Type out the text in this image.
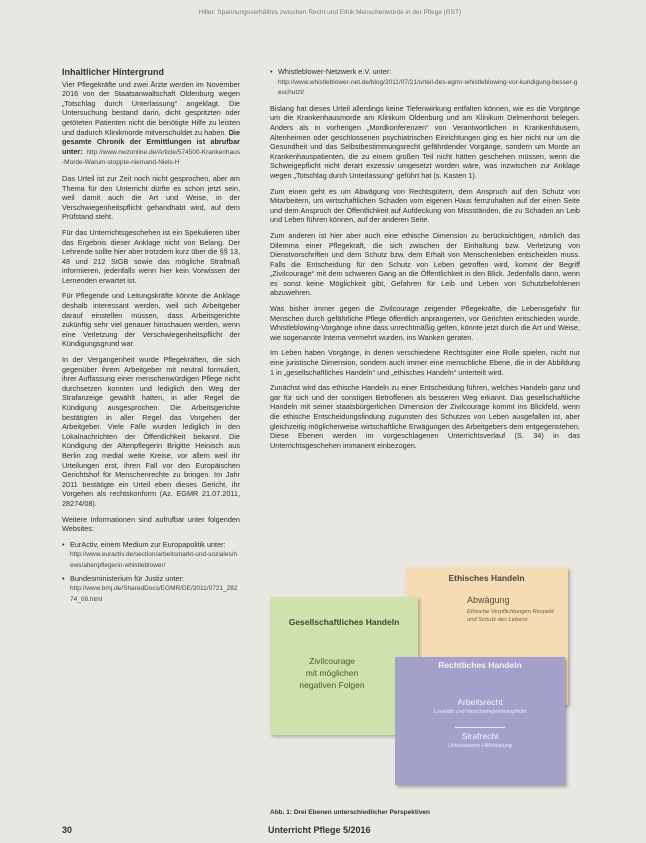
Hiller: Spannungsverhältnis zwischen Recht und Ethik Menschenwürde in der Pflege (RST)
Inhaltlicher Hintergrund

Vier Pflegekräfte und zwei Ärzte werden im November 2016 von der Staatsanwaltschaft Oldenburg wegen „Totschlag durch Unterlassung“ angeklagt. Die Untersuchung bestand darin, dicht gespritzten oder getöteten Patienten nicht die benötigte Hilfe zu leisten und dadurch Klinikmorde mitverschuldet zu haben. Die gesamte Chronik der Ermittlungen ist abrufbar unter: http://www.nwzonline.de/Article/574500-Krankenhaus-Morde-Warum-stoppte-niemand-Niels-H

Das Urteil ist zur Zeit noch nicht gesprochen, aber am Thema für den Unterricht dürfte es schon jetzt sein, weil damit auch die Art und Weise, in der Verschwiegenheitspflicht gehandhabt wird, auf dem Prüfstand steht.

Für das Unterrichtsgeschehen ist ein Spekulieren über das Ergebnis dieser Anklage nicht von Belang. Der Lehrende sollte hier aber trotzdem kurz über die §§ 13, 48 und 212 StGB sowie das mögliche Strafmaß informieren, jedenfalls wenn hier kein Vorwissen der Lernenden erwartet ist.

Für Pflegende und Leitungskräfte könnte die Anklage deshalb interessant werden, weil sich Arbeitgeber darauf einstellen müssen, dass Arbeitsgerichte zukünftig sehr viel genauer hinschauen werden, wenn eine Verletzung der Verschwiegenheitspflicht der Kündigungsgrund war.

In der Vergangenheit wurde Pflegekräften, die sich gegenüber ihrem Arbeitgeber mit neutral formuliert, ihrer Auffassung einer menschenwürdigen Pflege nicht durchsetzen konnten und lediglich den Weg der Strafanzeige gewählt hatten, in aller Regel die Kündigung ausgesprochen. Die Arbeitsgerichte bestätigten in aller Regel das Vorgehen der Arbeitgeber. Viele Fälle wurden lediglich in den Lokalnachrichten der Öffentlichkeit bekannt. Die Kündigung der Altenpflegerin Brigitte Heinisch aus Berlin zog medial weite Kreise, vor allem weil ihr Urteilungen erst, ihren Fall vor den Europäischen Gerichtshof für Menschenrechte zu bringen. Im Jahr 2011 bestätigte ein Urteil eben dieses Gericht, ihr Vorgehen als rechtskonform (Az. EGMR 21.07.2011, 28274/08).

Weitere Informationen sind aufrufbar unter folgenden Websites:

• EurActiv, einem Medium zur Europapolitik unter:
http://www.euractiv.de/section/arbeitsmarkt-und-soziales/news/altenpflegerin-whistleblower/
• Bundesministerium für Justiz unter:
http://www.bmj.de/SharedDocs/EGMR/DE/2011/0721_28274_08.html
• Whistleblower-Netzwerk e.V. unter:
http://www.whistleblower-net.de/blog/2011/07/21/urteil-des-egmr-whistleblowing-vor-kundigung-besser-geschutzt/

Bislang hat dieses Urteil allerdings keine Tiefenwirkung entfalten können, wie es die Vorgänge um die Krankenhausmorde am Klinikum Oldenburg und am Klinikum Delmenhorst belegen. Anders als in vorherigen „Mordkonferenzen“ von Verantwortlichen in Krankenhäusern, Altenheimen oder geschlossenen psychiatrischen Einrichtungen ging es hier nicht nur um die Gesundheit und das Selbstbestimmungsrecht gefährdender Vorgänge, sondern um Morde an Krankenhauspatienten, die zu einem großen Teil nicht hätten geschehen müssen, wenn die Schweigepflicht nicht derart exzessiv umgesetzt worden wäre, was inzwischen zur Anklage wegen „Totschlag durch Unterlassung“ geführt hat (s. Kasten 1).

Zum einen geht es um Abwägung von Rechtsgütern, dem Anspruch auf den Schutz von Mitarbeitern, um wirtschaftlichen Schaden vom eigenen Haus fernzuhalten auf der einen Seite und dem Anspruch der Öffentlichkeit auf Aufdeckung von Missständen, die zu Schaden an Leib und Leben führen können, auf der anderen Seite.

Zum anderen ist hier aber auch eine ethische Dimension zu berücksichtigen, nämlich das Dilemma einer Pflegekraft, die sich zwischen der Einhaltung bzw. Verletzung von Dienstvorschriften und dem Schutz bzw. dem Erhalt von Menschenleben entscheiden muss. Falls die Entscheidung für den Schutz von Leben getroffen wird, kommt der Begriff „Zivilcourage“ mit dem schweren Gang an die Öffentlichkeit in den Blick. Jedenfalls dann, wenn es sonst keine Möglichkeit gibt, Gefahren für Leib und Leben von Schutzbefohlenen abzuwehren.

Was bisher immer gegen die Zivilcourage zeigender Pflegekräfte, die Lebensgefahr für Menschen durch gefährliche Pflege öffentlich anprangerten, vor Gerichten entschieden wurde, Whistleblowing-Vorgänge ohne dass unrechtmäßig gelten, könnte jetzt durch die Art und Weise, wie sogenannte Interna vermehrt wurden, ins Wanken geraten.

Im Leben haben Vorgänge, in denen verschiedene Rechtsgüter eine Rolle spielen, nicht nur eine juristische Dimension, sondern auch immer eine menschliche Ebene, die in der Abbildung 1 in „gesellschaftliches Handeln“ und „ethisches Handeln“ unterteilt wird.

Zunächst wird das ethische Handeln zu einer Entscheidung führen, welches Handeln ganz und gar für sich und der sonstigen Betroffenen als besseren Weg erkannt. Das gesellschaftliche Handeln mit seiner staatsbürgerlichen Dimension der Zivilcourage kommt ins Blickfeld, wenn die ethische Entscheidungsfindung zugunsten des Schutzes von Leben ausgefallen ist, aber gleichzeitig möglicherweise wirtschaftliche Erwägungen des Arbeitgebers dem entgegenstehen. Diese Ebenen werden im vorgeschlagenen Unterrichtsverlauf (S. 34) in das Unterrichtsgeschehen immanent einbezogen.

Ethisches Handeln
Abwägung
Ethische Verpflichtungen Respekt und Schutz des Lebens
Gesellschaftliches Handeln
Zivilcourage
mit möglichen
negativen Folgen
Rechtliches Handeln
Arbeitsrecht
Loyalität und Verschwiegenheitspflicht
Strafrecht
Unterlassene Hilfeleistung
Abb. 1: Drei Ebenen unterschiedlicher Perspektiven
30	Unterricht Pflege 5/2016
